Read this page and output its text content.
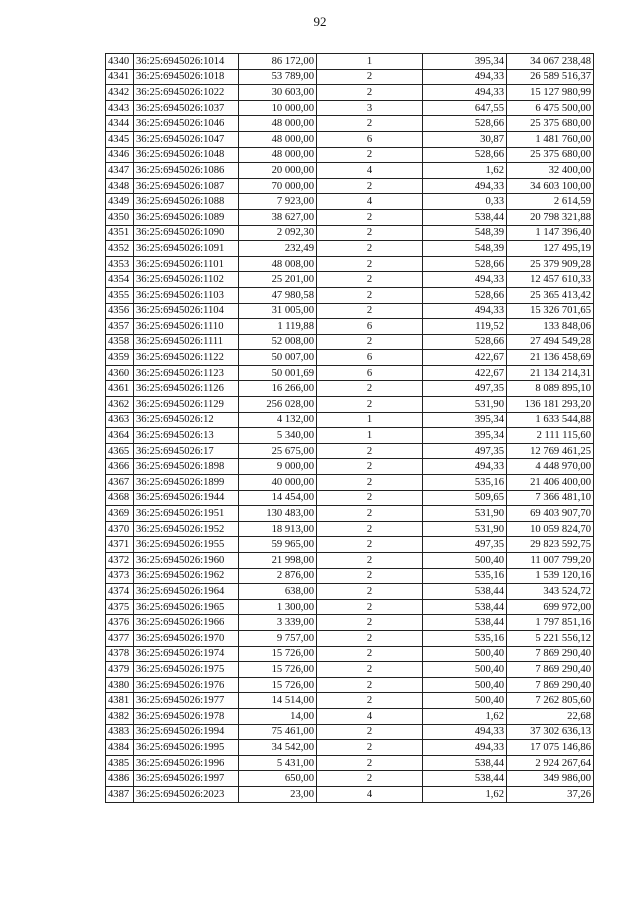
92
4340	36:25:6945026:1014	86 172,00	1	395,34	34 067 238,48
4341	36:25:6945026:1018	53 789,00	2	494,33	26 589 516,37
4342	36:25:6945026:1022	30 603,00	2	494,33	15 127 980,99
4343	36:25:6945026:1037	10 000,00	3	647,55	6 475 500,00
4344	36:25:6945026:1046	48 000,00	2	528,66	25 375 680,00
4345	36:25:6945026:1047	48 000,00	6	30,87	1 481 760,00
4346	36:25:6945026:1048	48 000,00	2	528,66	25 375 680,00
4347	36:25:6945026:1086	20 000,00	4	1,62	32 400,00
4348	36:25:6945026:1087	70 000,00	2	494,33	34 603 100,00
4349	36:25:6945026:1088	7 923,00	4	0,33	2 614,59
4350	36:25:6945026:1089	38 627,00	2	538,44	20 798 321,88
4351	36:25:6945026:1090	2 092,30	2	548,39	1 147 396,40
4352	36:25:6945026:1091	232,49	2	548,39	127 495,19
4353	36:25:6945026:1101	48 008,00	2	528,66	25 379 909,28
4354	36:25:6945026:1102	25 201,00	2	494,33	12 457 610,33
4355	36:25:6945026:1103	47 980,58	2	528,66	25 365 413,42
4356	36:25:6945026:1104	31 005,00	2	494,33	15 326 701,65
4357	36:25:6945026:1110	1 119,88	6	119,52	133 848,06
4358	36:25:6945026:1111	52 008,00	2	528,66	27 494 549,28
4359	36:25:6945026:1122	50 007,00	6	422,67	21 136 458,69
4360	36:25:6945026:1123	50 001,69	6	422,67	21 134 214,31
4361	36:25:6945026:1126	16 266,00	2	497,35	8 089 895,10
4362	36:25:6945026:1129	256 028,00	2	531,90	136 181 293,20
4363	36:25:6945026:12	4 132,00	1	395,34	1 633 544,88
4364	36:25:6945026:13	5 340,00	1	395,34	2 111 115,60
4365	36:25:6945026:17	25 675,00	2	497,35	12 769 461,25
4366	36:25:6945026:1898	9 000,00	2	494,33	4 448 970,00
4367	36:25:6945026:1899	40 000,00	2	535,16	21 406 400,00
4368	36:25:6945026:1944	14 454,00	2	509,65	7 366 481,10
4369	36:25:6945026:1951	130 483,00	2	531,90	69 403 907,70
4370	36:25:6945026:1952	18 913,00	2	531,90	10 059 824,70
4371	36:25:6945026:1955	59 965,00	2	497,35	29 823 592,75
4372	36:25:6945026:1960	21 998,00	2	500,40	11 007 799,20
4373	36:25:6945026:1962	2 876,00	2	535,16	1 539 120,16
4374	36:25:6945026:1964	638,00	2	538,44	343 524,72
4375	36:25:6945026:1965	1 300,00	2	538,44	699 972,00
4376	36:25:6945026:1966	3 339,00	2	538,44	1 797 851,16
4377	36:25:6945026:1970	9 757,00	2	535,16	5 221 556,12
4378	36:25:6945026:1974	15 726,00	2	500,40	7 869 290,40
4379	36:25:6945026:1975	15 726,00	2	500,40	7 869 290,40
4380	36:25:6945026:1976	15 726,00	2	500,40	7 869 290,40
4381	36:25:6945026:1977	14 514,00	2	500,40	7 262 805,60
4382	36:25:6945026:1978	14,00	4	1,62	22,68
4383	36:25:6945026:1994	75 461,00	2	494,33	37 302 636,13
4384	36:25:6945026:1995	34 542,00	2	494,33	17 075 146,86
4385	36:25:6945026:1996	5 431,00	2	538,44	2 924 267,64
4386	36:25:6945026:1997	650,00	2	538,44	349 986,00
4387	36:25:6945026:2023	23,00	4	1,62	37,26
